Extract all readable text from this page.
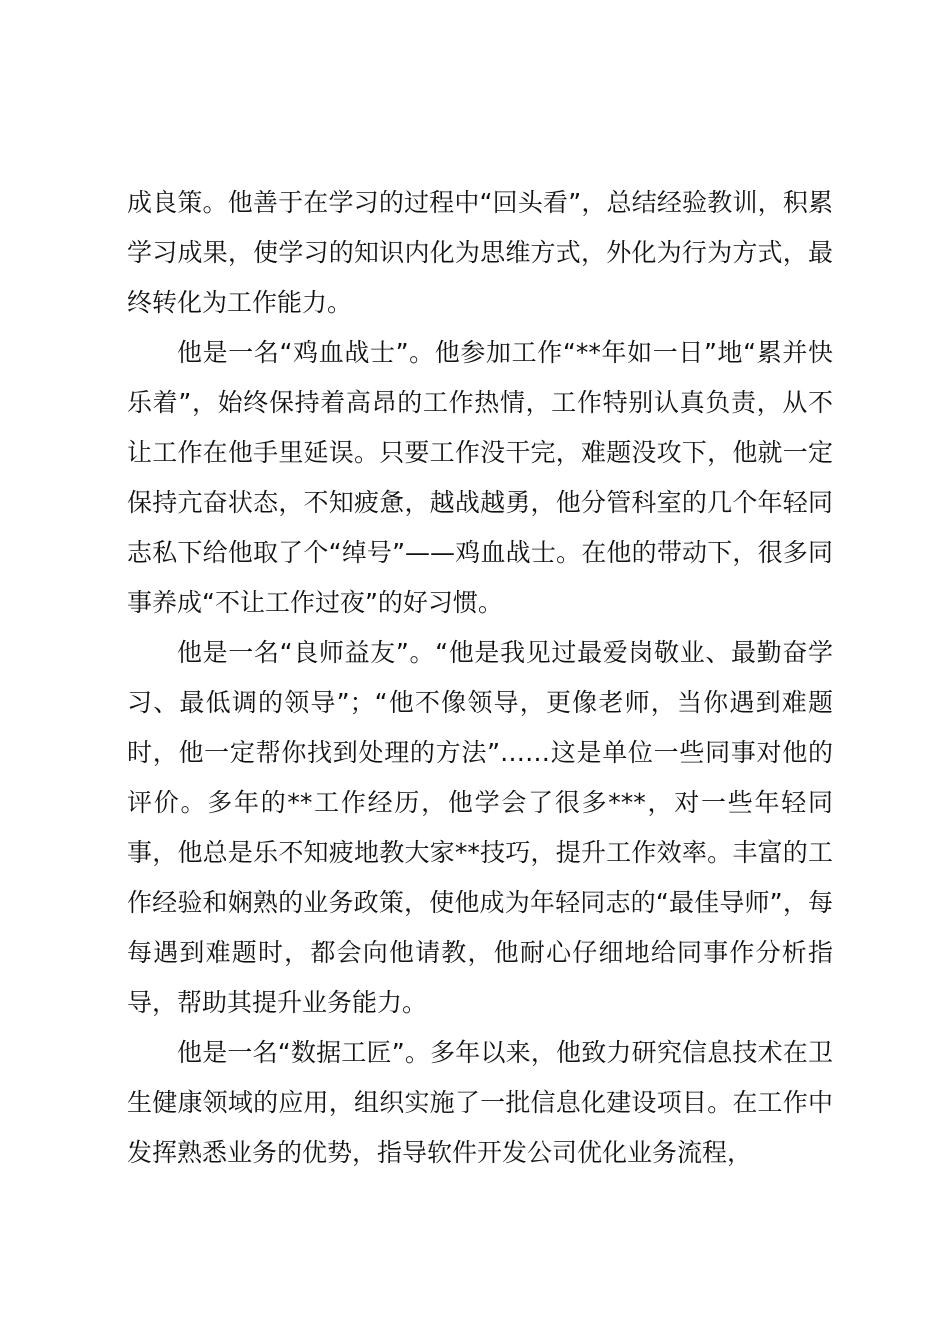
成良策。他善于在学习的过程中“回头看”，总结经验教训，积累学习成果，使学习的知识内化为思维方式，外化为行为方式，最终转化为工作能力。

他是一名“鸡血战士”。他参加工作“**年如一日”地“累并快乐着”，始终保持着高昂的工作热情，工作特别认真负责，从不让工作在他手里延误。只要工作没干完，难题没攻下，他就一定保持亢奋状态，不知疲惫，越战越勇，他分管科室的几个年轻同志私下给他取了个“绰号”——鸡血战士。在他的带动下，很多同事养成“不让工作过夜”的好习惯。

他是一名“良师益友”。“他是我见过最爱岗敬业、最勤奋学习、最低调的领导”；“他不像领导，更像老师，当你遇到难题时，他一定帮你找到处理的方法”……这是单位一些同事对他的评价。多年的**工作经历，他学会了很多***，对一些年轻同事，他总是乐不知疲地教大家**技巧，提升工作效率。丰富的工作经验和娴熟的业务政策，使他成为年轻同志的“最佳导师”，每每遇到难题时，都会向他请教，他耐心仔细地给同事作分析指导，帮助其提升业务能力。

他是一名“数据工匠”。多年以来，他致力研究信息技术在卫生健康领域的应用，组织实施了一批信息化建设项目。在工作中发挥熟悉业务的优势，指导软件开发公司优化业务流程，
